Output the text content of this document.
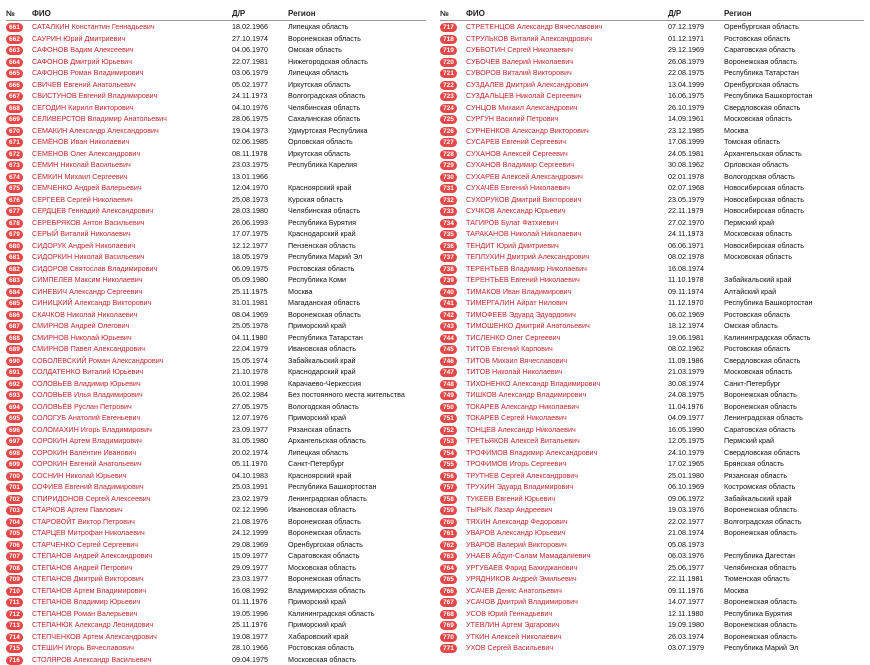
№	ФИО	Д/Р	Регион
661	САТАЛКИН Константин Геннадьевич	18.02.1966	Липецкая область
662	САУРИН Юрий Дмитриевич	27.10.1974	Воронежская область
663	САФОНОВ Вадим Алексеевич	04.06.1970	Омская область
664	САФОНОВ Дмитрий Юрьевич	22.07.1981	Нижегородская область
665	САФОНОВ Роман Владимирович	03.06.1979	Липецкая область
666	СВИЧЕВ Евгений Анатольевич	05.02.1977	Иркутская область
667	СВИСТУНОВ Евгений Владимирович	24.11.1973	Волгоградская область
668	СЕГОДИН Кирилл Викторович	04.10.1976	Челябинская область
669	СЕЛИВЕРСТОВ Владимир Анатольевич	28.06.1975	Сахалинская область
670	СЕМАКИН Александр Александрович	19.04.1973	Удмуртская Республика
671	СЕМЁНОВ Иван Николаевич	02.06.1985	Орловская область
672	СЕМЕНОВ Олег Александрович	08.11.1978	Иркутская область
673	СЕМИН Николай Васильевич	23.03.1975	Республика Карелия
674	СЁМКИН Михаил Сергеевич	13.01.1966
675	СЕМЧЕНКО Андрей Валерьевич	12.04.1970	Красноярский край
676	СЕРГЕЕВ Сергей Николаевич	25.08.1973	Курская область
677	СЕРДЦЕВ Геннадий Александрович	28.03.1980	Челябинская область
678	СЕРЕБРЯКОВ Антон Васильевич	26.06.1993	Республика Бурятия
679	СЕРЫЙ Виталий Николаевич	17.07.1975	Краснодарский край
680	СИДОРУК Андрей Николаевич	12.12.1977	Пензенская область
681	СИДОРКИН Николай Васильевич	18.05.1979	Республика Марий Эл
682	СИДОРОВ Святослав Владимирович	06.09.1975	Ростовская область
683	СИМПЕЛЕВ Максим Николаевич	05.09.1980	Республика Коми
684	СИНЕВИЧ Александр Сергеевич	25.11.1975	Москва
685	СИНИЦКИЙ Александр Викторович	31.01.1981	Магаданская область
686	СКАЧКОВ Николай Николаевич	08.04.1969	Воронежская область
687	СМИРНОВ Андрей Олегович	25.05.1978	Приморский край
688	СМИРНОВ Николай Юрьевич	04.11.1980	Республика Татарстан
689	СМИРНОВ Павел Александрович	22.04.1979	Ивановская область
690	СОБОЛЕВСКИЙ Роман Александрович	15.05.1974	Забайкальский край
691	СОЛДАТЕНКО Виталий Юрьевич	21.10.1978	Краснодарский край
692	СОЛОВЬЕВ Владимир Юрьевич	10.01.1998	Карачаево-Черкессия
693	СОЛОВЬЕВ Илья Владимирович	26.02.1984	Без постоянного места жительства
694	СОЛОВЬЁВ Руслан Петрович	27.05.1975	Вологодская область
695	СОЛОГУБ Анатолий Евгеньевич	12.07.1976	Приморский край
696	СОЛОМАХИН Игорь Владимирович	23.09.1977	Рязанская область
697	СОРОКИН Артем Владимирович	31.05.1980	Архангельская область
698	СОРОКИН Валентин Иванович	20.02.1974	Липецкая область
699	СОРОКИН Евгений Анатольевич	05.11.1970	Санкт-Петербург
700	СОСНИН Николай Юрьевич	04.10.1983	Красноярский край
701	СОФИЕВ Евгений Владимирович	25.03.1991	Республика Башкортостан
702	СПИРИДОНОВ Сергей Алексеевич	23.02.1979	Ленинградская область
703	СТАРКОВ Артем Павлович	02.12.1996	Ивановская область
704	СТАРОВОЙТ Виктор Петрович	21.08.1976	Воронежская область
705	СТАРЦЕВ Митрофан Николаевич	24.12.1999	Воронежская область
706	СТАРЧЕНКО Сергей Сергеевич	29.08.1969	Оренбургская область
707	СТЕПАНОВ Андрей Александрович	15.09.1977	Саратовская область
708	СТЕПАНОВ Андрей Петрович	29.09.1977	Московская область
709	СТЕПАНОВ Дмитрий Викторович	23.03.1977	Воронежская область
710	СТЕПАНОВ Артем Владимирович	16.08.1992	Владимирская область
711	СТЕПАНОВ Владимир Юрьевич	01.11.1976	Приморский край
712	СТЕПАНОВ Роман Валерьевич	19.05.1996	Калининградская область
713	СТЕПАНЮК Александр Леонидович	25.11.1976	Приморский край
714	СТЕПЧЕНКОВ Артем Александрович	19.08.1977	Хабаровский край
715	СТЕШИН Игорь Вячеславович	28.10.1966	Ростовская область
716	СТОЛЯРОВ Александр Васильевич	09.04.1975	Московская область
№	ФИО	Д/Р	Регион
717	СТРЕТЕНЦОВ Александр Вячеславович	07.12.1979	Оренбургская область
718	СТРУЛЬКОВ Виталий Александрович	01.12.1971	Ростовская область
719	СУББОТИН Сергей Николаевич	29.12.1969	Саратовская область
720	СУБОЧЕВ Валерий Николаевич	26.08.1979	Воронежская область
721	СУВОРОВ Виталий Викторович	22.08.1975	Республика Татарстан
722	СУЗДАЛЕВ Дмитрий Александрович	13.04.1999	Оренбургская область
723	СУЗДАЛЬЦЕВ Николай Сергеевич	16.06.1975	Республика Башкортостан
724	СУНЦОВ Михаил Александрович	26.10.1979	Свердловская область
725	СУРГУН Василий Петрович	14.09.1961	Московская область
726	СУРНЕНКОВ Александр Викторович	23.12.1985	Москва
727	СУСАРЕВ Евгений Сергеевич	17.08.1999	Томская область
728	СУХАНОВ Алексей Сергеевич	24.05.1981	Архангельская область
729	СУХАНОВ Владимир Сергеевич	30.08.1962	Орловская область
730	СУХАРЕВ Алексей Александрович	02.01.1978	Вологодская область
731	СУХАЧЁВ Евгений Николаевич	02.07.1968	Новосибирская область
732	СУХОРУКОВ Дмитрий Викторович	23.05.1979	Новосибирская область
733	СУЧКОВ Александр Юрьевич	22.11.1979	Новосибирская область
734	ТАГИРОВ Булат Фатхиевич	27.02.1970	Пермский край
735	ТАРАКАНОВ Николай Николаевич	24.11.1973	Московская область
736	ТЕНДИТ Юрий Дмитриевич	06.06.1971	Новосибирская область
737	ТЕПЛУХИН Дмитрий Александрович	08.02.1978	Московская область
738	ТЕРЕНТЬЕВ Владимир Николаевич	16.08.1974
739	ТЕРЕНТЬЕВ Евгений Николаевич	11.10.1978	Забайкальский край
740	ТИМАКОВ Иван Владимирович	09.11.1974	Алтайский край
741	ТИМЕРГАЛИН Айрат Нилович	11.12.1970	Республика Башкортостан
742	ТИМОФЕЕВ Эдуард Эдуардович	06.02.1969	Ростовская область
743	ТИМОШЕНКО Дмитрий Анатольевич	18.12.1974	Омская область
744	ТИСЛЕНКО Олег Сергеевич	19.06.1981	Калининградская область
745	ТИТОВ Евгений Карпович	08.02.1962	Ростовская область
746	ТИТОВ Михаил Вячеславович	11.09.1986	Свердловская область
747	ТИТОВ Николай Николаевич	21.03.1979	Московская область
748	ТИХОНЕНКО Александр Владимирович	30.08.1974	Санкт-Петербург
749	ТИШКОВ Александр Владимирович	24.08.1975	Воронежская область
750	ТОКАРЕВ Александр Николаевич	11.04.1976	Воронежская область
751	ТОКАРЕВ Сергей Николаевич	04.09.1977	Ленинградская область
752	ТОНЦЕВ Александр Николаевич	16.05.1990	Саратовская область
753	ТРЕТЬЯКОВ Алексей Витальевич	12.05.1975	Пермский край
754	ТРОФИМОВ Владимир Александрович	24.10.1979	Свердловская область
755	ТРОФИМОВ Игорь Сергеевич	17.02.1965	Брянская область
756	ТРУТНЕВ Сергей Александрович	25.01.1980	Рязанская область
757	ТРУХИН Эдуард Владимирович	06.10.1969	Костромская область
758	ТУКЕЕВ Евгений Юрьевич	09.06.1972	Забайкальский край
759	ТЫРЫК Лазар Андреевич	19.03.1976	Воронежская область
760	ТЯХИН Александр Федорович	22.02.1977	Волгоградская область
761	УВАРОВ Александр Юрьевич	21.08.1974	Воронежская область
762	УВАРОВ Валерий Викторович	05.08.1973
763	УНАЕВ Абдул-Салам Мамадалиевич	06.03.1976	Республика Дагестан
764	УРГУБАЕВ Фарид Бахиджанович	25.06.1977	Челябинская область
765	УРЯДНИКОВ Андрей Эмильевич	22.11.1981	Тюменская область
766	УСАЧЕВ Денис Анатольевич	09.11.1976	Москва
767	УСАЧОВ Дмитрий Владимирович	14.07.1977	Воронежская область
768	УСОВ Юрий Геннадьевич	12.11.1980	Республика Бурятия
769	УТЕВЛИН Артем Эдгарович	19.09.1980	Воронежская область
770	УТКИН Алексей Николаевич	26.03.1974	Воронежская область
771	УХОВ Сергей Васильевич	03.07.1979	Республика Марий Эл
